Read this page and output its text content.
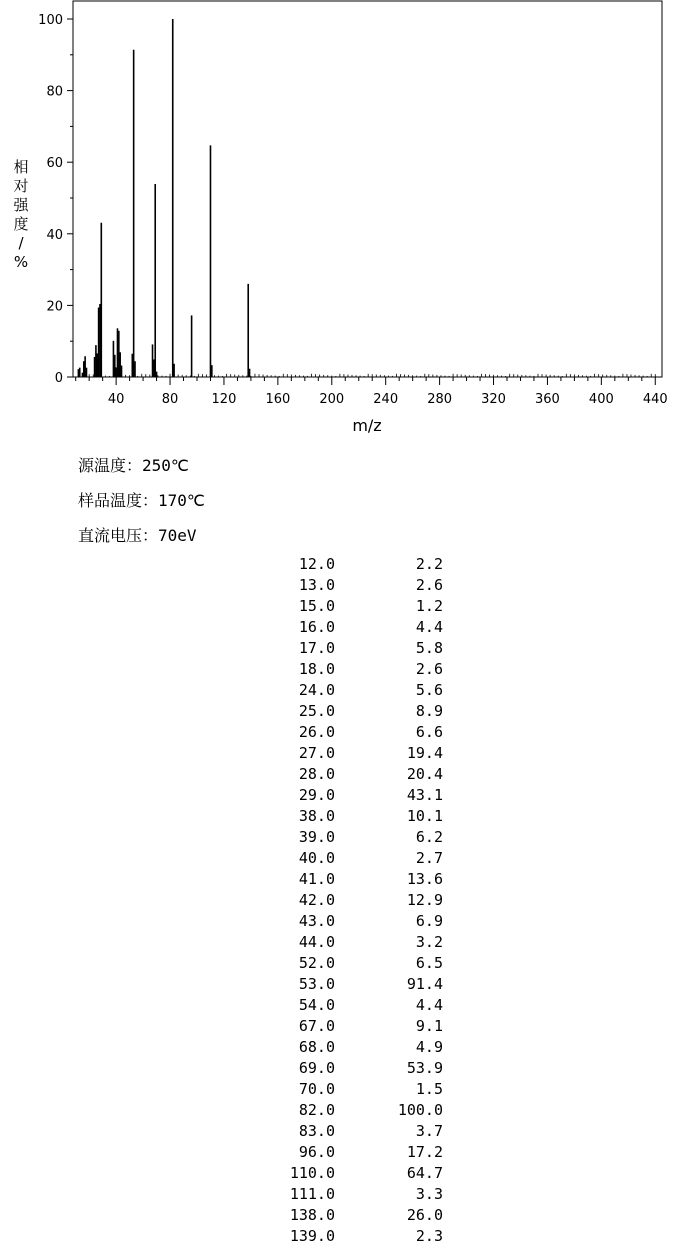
0
20
40
60
80
100
40	80	120 160 200 240 280 320 360 400 440
m/z
相对强度/ %
源温度：250℃
样品温度：170℃
直流电压：70eV
12.0	2.2
13.0	2.6
15.0	1.2
16.0	4.4
17.0	5.8
18.0	2.6
24.0	5.6
25.0	8.9
26.0	6.6
27.0	19.4
28.0	20.4
29.0	43.1
38.0	10.1
39.0	6.2
40.0	2.7
41.0	13.6
42.0	12.9
43.0	6.9
44.0	3.2
52.0	6.5
53.0	91.4
54.0	4.4
67.0	9.1
68.0	4.9
69.0	53.9
70.0	1.5
82.0	100.0
83.0	3.7
96.0	17.2
110.0	64.7
111.0	3.3
138.0	26.0
139.0	2.3
